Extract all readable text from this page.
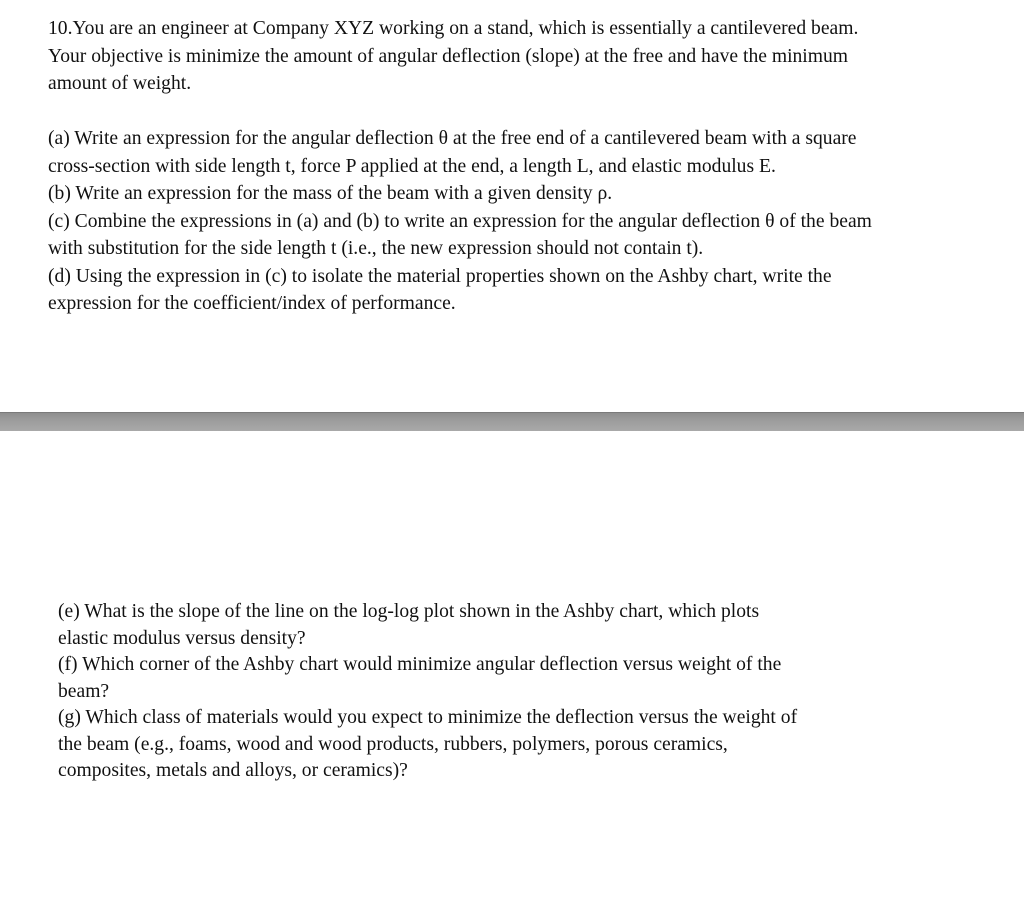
10.You are an engineer at Company XYZ working on a stand, which is essentially a cantilevered beam.
Your objective is minimize the amount of angular deflection (slope) at the free and have the minimum
amount of weight.
(a) Write an expression for the angular deflection θ at the free end of a cantilevered beam with a square
cross-section with side length t, force P applied at the end, a length L, and elastic modulus E.
(b) Write an expression for the mass of the beam with a given density ρ.
(c) Combine the expressions in (a) and (b) to write an expression for the angular deflection θ of the beam
with substitution for the side length t (i.e., the new expression should not contain t).
(d) Using the expression in (c) to isolate the material properties shown on the Ashby chart, write the
expression for the coefficient/index of performance.
(e) What is the slope of the line on the log-log plot shown in the Ashby chart, which plots
elastic modulus versus density?
(f) Which corner of the Ashby chart would minimize angular deflection versus weight of the
beam?
(g) Which class of materials would you expect to minimize the deflection versus the weight of
the beam (e.g., foams, wood and wood products, rubbers, polymers, porous ceramics,
composites, metals and alloys, or ceramics)?
